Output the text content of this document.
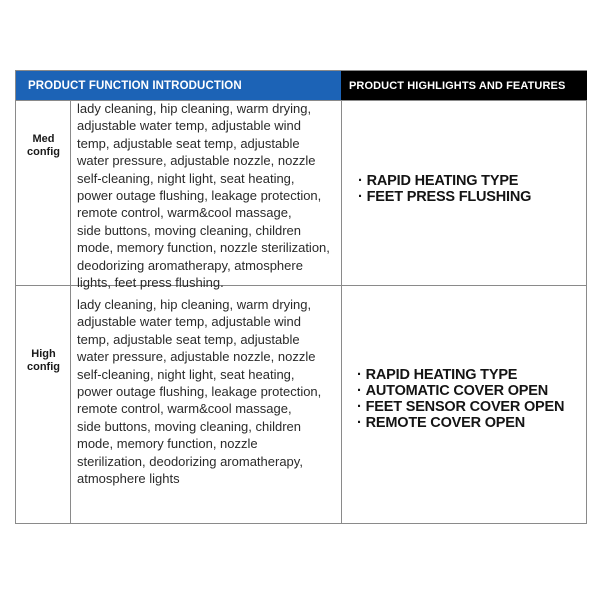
PRODUCT FUNCTION INTRODUCTION	PRODUCT HIGHLIGHTS AND FEATURES
Med
config

lady cleaning, hip cleaning, warm drying,
adjustable water temp, adjustable wind
temp, adjustable seat temp, adjustable
water pressure, adjustable nozzle, nozzle
self-cleaning, night light, seat heating,
power outage flushing, leakage protection,
remote control, warm&cool massage,
side buttons, moving cleaning, children
mode, memory function, nozzle sterilization,
deodorizing aromatherapy, atmosphere
lights, feet press flushing.

· RAPID HEATING TYPE
· FEET PRESS FLUSHING
High
config

lady cleaning, hip cleaning, warm drying,
adjustable water temp, adjustable wind
temp, adjustable seat temp, adjustable
water pressure, adjustable nozzle, nozzle
self-cleaning, night light, seat heating,
power outage flushing, leakage protection,
remote control, warm&cool massage,
side buttons, moving cleaning, children
mode, memory function, nozzle
sterilization, deodorizing aromatherapy,
atmosphere lights

· RAPID HEATING TYPE
· AUTOMATIC COVER OPEN
· FEET SENSOR COVER OPEN
· REMOTE COVER OPEN
